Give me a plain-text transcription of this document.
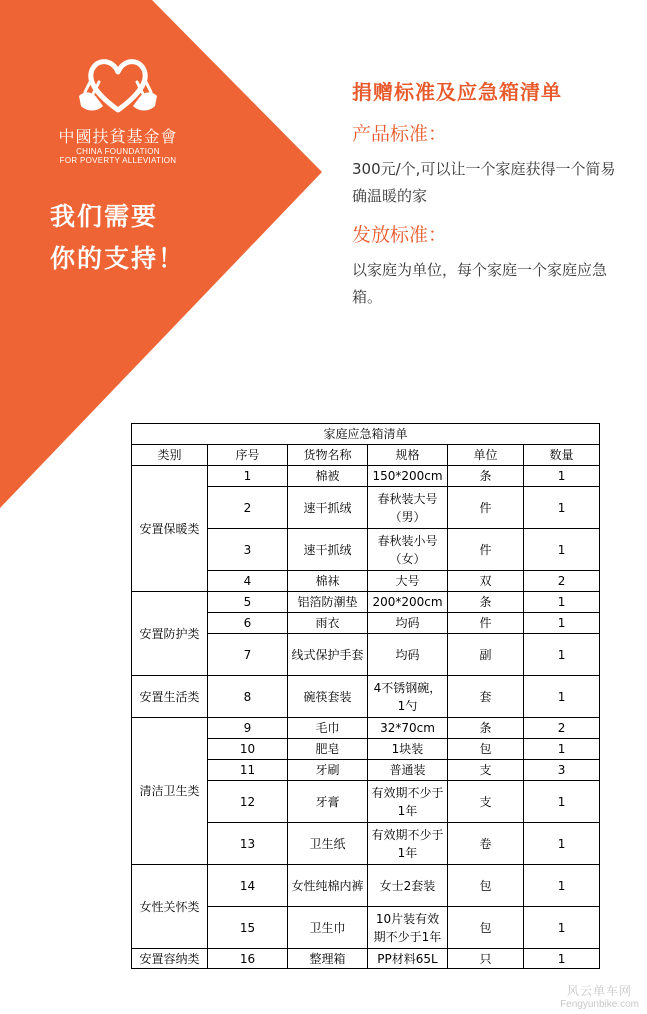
中國扶貧基金會
CHINA FOUNDATION
FOR POVERTY ALLEVIATION
我们需要
你的支持！
捐赠标准及应急箱清单
产品标准：
300元/个,可以让一个家庭获得一个简易确温暖的家
发放标准：
以家庭为单位，每个家庭一个家庭应急箱。
家庭应急箱清单					
类别	序号	货物名称	规格	单位	数量
安置保暖类	1	棉被	150*200cm	条	1
	2	速干抓绒	春秋装大号（男）	件	1
	3	速干抓绒	春秋装小号（女）	件	1
	4	棉袜	大号	双	2
安置防护类	5	铝箔防潮垫	200*200cm	条	1
	6	雨衣	均码	件	1
	7	线式保护手套	均码	副	1
安置生活类	8	碗筷套装	4不锈钢碗，1勺	套	1
清洁卫生类	9	毛巾	32*70cm	条	2
	10	肥皂	1块装	包	1
	11	牙刷	普通装	支	3
	12	牙膏	有效期不少于1年	支	1
	13	卫生纸	有效期不少于1年	卷	1
女性关怀类	14	女性纯棉内裤	女士2套装	包	1
	15	卫生巾	10片装有效期不少于1年	包	1
安置容纳类	16	整理箱	PP材料65L	只	1
风云单车网
Fengyunbike.com
